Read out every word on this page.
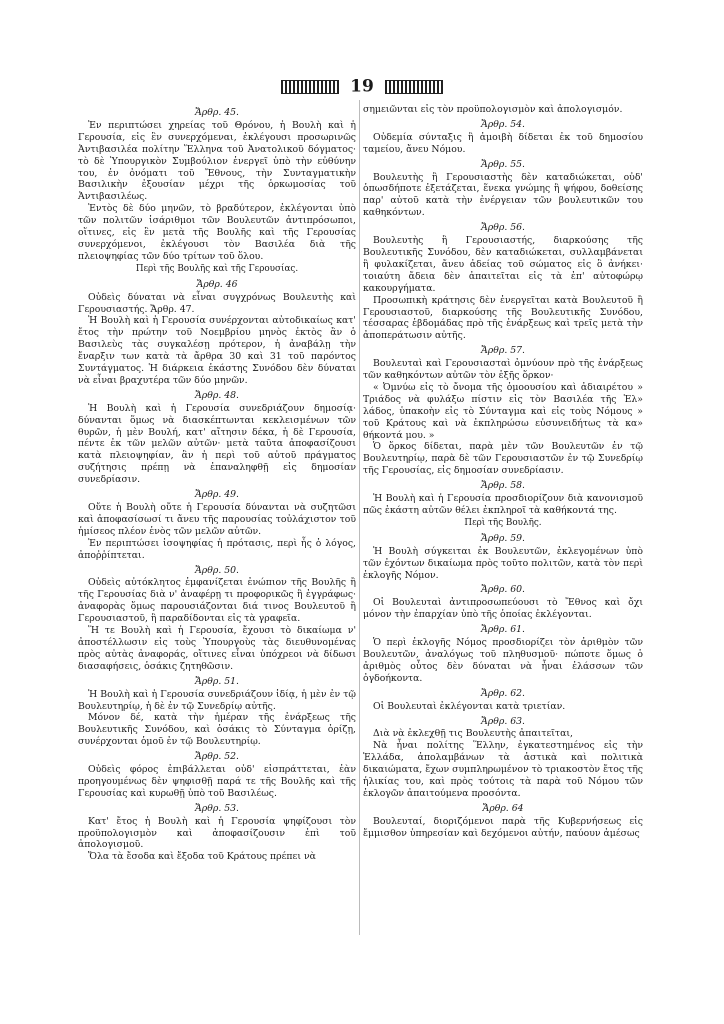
19
Ἄρθρ. 45.

Ἐν περιπτώσει χηρείας τοῦ Θρόνου, ἡ Βουλὴ καὶ ἡ Γερουσία, εἰς ἓν συνερχόμεναι, ἐκλέγουσι προσωρινῶς Ἀντιβασιλέα πολίτην Ἕλληνα τοῦ Ἀνατολικοῦ δόγματος· τὸ δὲ Ὑπουργικὸν Συμβούλιον ἐνεργεῖ ὑπὸ τὴν εὐθύνην του, ἐν ὀνόματι τοῦ Ἔθνους, τὴν Συνταγματικὴν Βασιλικὴν ἐξουσίαν μέχρι τῆς ὁρκωμοσίας τοῦ Ἀντιβασιλέως.

Ἐντὸς δὲ δύο μηνῶν, τὸ βραδύτερον, ἐκλέγονται ὑπὸ τῶν πολιτῶν ἰσάριθμοι τῶν Βουλευτῶν ἀντιπρόσωποι, οἵτινες, εἰς ἓν μετὰ τῆς Βουλῆς καὶ τῆς Γερουσίας συνερχόμενοι, ἐκλέγουσι τὸν Βασιλέα διὰ τῆς πλειοψηφίας τῶν δύο τρίτων τοῦ ὅλου.

Περὶ τῆς Βουλῆς καὶ τῆς Γερουσίας.
Ἄρθρ. 46

Οὐδεὶς δύναται νὰ εἶναι συγχρόνως Βουλευτὴς καὶ Γερουσιαστής. Ἄρθρ. 47.

Ἡ Βουλὴ καὶ ἡ Γερουσία συνέρχονται αὐτοδικαίως κατ' ἔτος τὴν πρώτην τοῦ Νοεμβρίου μηνὸς ἐκτὸς ἂν ὁ Βασιλεὺς τὰς συγκαλέσῃ πρότερον, ἡ ἀναβάλῃ τὴν ἔναρξιν των κατὰ τὰ ἄρθρα 30 καὶ 31 τοῦ παρόντος Συντάγματος. Ἡ διάρκεια ἑκάστης Συνόδου δὲν δύναται νὰ εἶναι βραχυτέρα τῶν δύο μηνῶν.

Ἄρθρ. 48.

Ἡ Βουλὴ καὶ ἡ Γερουσία συνεδριάζουν δημοσίᾳ· δύνανται ὅμως νὰ διασκέπτωνται κεκλεισμένων τῶν θυρῶν, ἡ μὲν Βουλή, κατ' αἴτησιν δέκα, ἡ δὲ Γερουσία, πέντε ἐκ τῶν μελῶν αὐτῶν· μετὰ ταῦτα ἀποφασίζουσι κατὰ πλειοψηφίαν, ἂν ἡ περὶ τοῦ αὐτοῦ πράγματος συζήτησις πρέπῃ νὰ ἐπαναληφθῇ εἰς δημοσίαν συνεδρίασιν.

Ἄρθρ. 49.

Οὔτε ἡ Βουλὴ οὔτε ἡ Γερουσία δύνανται νὰ συζητῶσι καὶ ἀποφασίσωσί τι ἄνευ τῆς παρουσίας τοὐλάχιστον τοῦ ἡμίσεος πλέον ἑνὸς τῶν μελῶν αὐτῶν.

Ἐν περιπτώσει ἰσοψηφίας ἡ πρότασις, περὶ ἧς ὁ λόγος, ἀποῤῥίπτεται.

Ἄρθρ. 50.

Οὐδεὶς αὐτόκλητος ἐμφανίζεται ἐνώπιον τῆς Βουλῆς ἢ τῆς Γερουσίας διὰ ν' ἀναφέρῃ τι προφορικῶς ἢ ἐγγράφως· ἀναφορὰς ὅμως παρουσιάζονται διά τινος Βουλευτοῦ ἢ Γερουσιαστοῦ, ἢ παραδίδονται εἰς τὰ γραφεῖα.

Ἥ τε Βουλὴ καὶ ἡ Γερουσία, ἔχουσι τὸ δικαίωμα ν' ἀποστέλλωσιν εἰς τοὺς Ὑπουργοὺς τὰς διευθυνομένας πρὸς αὐτὰς ἀναφοράς, οἵτινες εἶναι ὑπόχρεοι νὰ δίδωσι διασαφήσεις, ὁσάκις ζητηθῶσιν.

Ἄρθρ. 51.

Ἡ Βουλὴ καὶ ἡ Γερουσία συνεδριάζουν ἰδίᾳ, ἡ μὲν ἐν τῷ Βουλευτηρίῳ, ἡ δὲ ἐν τῷ Συνεδρίῳ αὐτῆς.

Μόνον δέ, κατὰ τὴν ἡμέραν τῆς ἐνάρξεως τῆς Βουλευτικῆς Συνόδου, καὶ ὁσάκις τὸ Σύνταγμα ὁρίζῃ, συνέρχονται ὁμοῦ ἐν τῷ Βουλευτηρίῳ.

Ἄρθρ. 52.

Οὐδεὶς φόρος ἐπιβάλλεται οὐδ' εἰσπράττεται, ἐὰν προηγουμένως δὲν ψηφισθῇ παρά τε τῆς Βουλῆς καὶ τῆς Γερουσίας καὶ κυρωθῇ ὑπὸ τοῦ Βασιλέως.

Ἄρθρ. 53.

Κατ' ἔτος ἡ Βουλὴ καὶ ἡ Γερουσία ψηφίζουσι τὸν προϋπολογισμὸν καὶ ἀποφασίζουσιν ἐπὶ τοῦ ἀπολογισμοῦ.

Ὅλα τὰ ἔσοδα καὶ ἔξοδα τοῦ Κράτους πρέπει νὰ

σημειῶνται εἰς τὸν προϋπολογισμὸν καὶ ἀπολογισμόν.

Ἄρθρ. 54.

Οὐδεμία σύνταξις ἢ ἀμοιβὴ δίδεται ἐκ τοῦ δημοσίου ταμείου, ἄνευ Νόμου.

Ἄρθρ. 55.

Βουλευτὴς ἢ Γερουσιαστὴς δὲν καταδιώκεται, οὐδ' ὁπωσδήποτε ἐξετάζεται, ἕνεκα γνώμης ἢ ψήφου, δοθείσης παρ' αὐτοῦ κατὰ τὴν ἐνέργειαν τῶν βουλευτικῶν του καθηκόντων.

Ἄρθρ. 56.

Βουλευτὴς ἢ Γερουσιαστής, διαρκούσης τῆς Βουλευτικῆς Συνόδου, δὲν καταδιώκεται, συλλαμβάνεται ἢ φυλακίζεται, ἄνευ ἀδείας τοῦ σώματος εἰς ὃ ἀνήκει· τοιαύτη ἄδεια δὲν ἀπαιτεῖται εἰς τὰ ἐπ' αὐτοφώρῳ κακουργήματα.

Προσωπικὴ κράτησις δὲν ἐνεργεῖται κατὰ Βουλευτοῦ ἢ Γερουσιαστοῦ, διαρκούσης τῆς Βουλευτικῆς Συνόδου, τέσσαρας ἑβδομάδας πρὸ τῆς ἐνάρξεως καὶ τρεῖς μετὰ τὴν ἀποπεράτωσιν αὐτῆς.

Ἄρθρ. 57.

Βουλευταὶ καὶ Γερουσιασταὶ ὀμνύουν πρὸ τῆς ἐνάρξεως τῶν καθηκόντων αὐτῶν τὸν ἑξῆς ὅρκον·

« Ὀμνύω εἰς τὸ ὄνομα τῆς ὁμοουσίου καὶ ἀδιαιρέτου » Τριάδος νὰ φυλάξω πίστιν εἰς τὸν Βασιλέα τῆς Ἑλ» λάδος, ὑπακοὴν εἰς τὸ Σύνταγμα καὶ εἰς τοὺς Νόμους » τοῦ Κράτους καὶ νὰ ἐκπληρώσω εὐσυνειδήτως τὰ κα» θήκοντά μου. »

Ὁ ὅρκος δίδεται, παρὰ μὲν τῶν Βουλευτῶν ἐν τῷ Βουλευτηρίῳ, παρὰ δὲ τῶν Γερουσιαστῶν ἐν τῷ Συνεδρίῳ τῆς Γερουσίας, εἰς δημοσίαν συνεδρίασιν.

Ἄρθρ. 58.

Ἡ Βουλὴ καὶ ἡ Γερουσία προσδιορίζουν διὰ κανονισμοῦ πῶς ἑκάστη αὐτῶν θέλει ἐκπληροῖ τὰ καθήκοντά της.

Περὶ τῆς Βουλῆς.
Ἄρθρ. 59.

Ἡ Βουλὴ σύγκειται ἐκ Βουλευτῶν, ἐκλεγομένων ὑπὸ τῶν ἐχόντων δικαίωμα πρὸς τοῦτο πολιτῶν, κατὰ τὸν περὶ ἐκλογῆς Νόμον.

Ἄρθρ. 60.

Οἱ Βουλευταὶ ἀντιπροσωπεύουσι τὸ Ἔθνος καὶ ὄχι μόνον τὴν ἐπαρχίαν ὑπὸ τῆς ὁποίας ἐκλέγονται.

Ἄρθρ. 61.

Ὁ περὶ ἐκλογῆς Νόμος προσδιορίζει τὸν ἀριθμὸν τῶν Βουλευτῶν, ἀναλόγως τοῦ πληθυσμοῦ· πώποτε ὅμως ὁ ἀριθμὸς οὗτος δὲν δύναται νὰ ἦναι ἐλάσσων τῶν ὀγδοήκοντα.

Ἄρθρ. 62.

Οἱ Βουλευταὶ ἐκλέγονται κατὰ τριετίαν.

Ἄρθρ. 63.

Διὰ νὰ ἐκλεχθῇ τις Βουλευτὴς ἀπαιτεῖται,

Νὰ ἦναι πολίτης Ἕλλην, ἐγκατεστημένος εἰς τὴν Ἑλλάδα, ἀπολαμβάνων τὰ ἀστικὰ καὶ πολιτικὰ δικαιώματα, ἔχων συμπληρωμένον τὸ τριακοστὸν ἔτος τῆς ἡλικίας του, καὶ πρὸς τούτοις τὰ παρὰ τοῦ Νόμου τῶν ἐκλογῶν ἀπαιτούμενα προσόντα.

Ἄρθρ. 64

Βουλευταί, διοριζόμενοι παρὰ τῆς Κυβερνήσεως εἰς ἔμμισθον ὑπηρεσίαν καὶ δεχόμενοι αὐτήν, παύουν ἀμέσως
